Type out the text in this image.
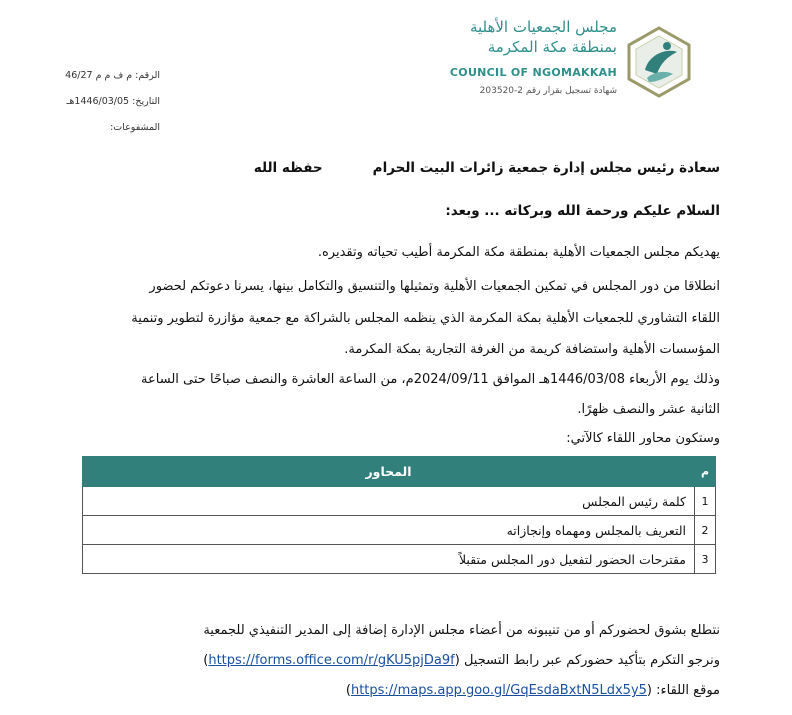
مجلس الجمعيات الأهلية
بمنطقة مكة المكرمة
COUNCIL OF NGOMAKKAH
شهادة تسجيل بقرار رقم 2-203520
الرقم: م ف م م 46/27
التاريخ: 1446/03/05هـ
المشفوعات:
سعادة رئيس مجلس إدارة جمعية زائرات البيت الحرامحفظه الله
السلام عليكم ورحمة الله وبركاته ... وبعد:
يهديكم مجلس الجمعيات الأهلية بمنطقة مكة المكرمة أطيب تحياته وتقديره.
انطلاقا من دور المجلس في تمكين الجمعيات الأهلية وتمثيلها والتنسيق والتكامل بينها، يسرنا دعوتكم لحضور
اللقاء التشاوري للجمعيات الأهلية بمكة المكرمة الذي ينظمه المجلس بالشراكة مع جمعية مؤازرة لتطوير وتنمية
المؤسسات الأهلية واستضافة كريمة من الغرفة التجارية بمكة المكرمة.
وذلك يوم الأربعاء 1446/03/08هـ الموافق 2024/09/11م، من الساعة العاشرة والنصف صباحًا حتى الساعة
الثانية عشر والنصف ظهرًا.
وستكون محاور اللقاء كالآتي:
م	المحاور
1	كلمة رئيس المجلس
2	التعريف بالمجلس ومهماه وإنجازاته
3	مقترحات الحضور لتفعيل دور المجلس متقبلاً
نتطلع بشوق لحضوركم أو من تنيبونه من أعضاء مجلس الإدارة إضافة إلى المدير التنفيذي للجمعية
ونرجو التكرم بتأكيد حضوركم عبر رابط التسجيل (https://forms.office.com/r/gKU5pjDa9f)
موقع اللقاء: (https://maps.app.goo.gl/GqEsdaBxtN5Ldx5y5)
